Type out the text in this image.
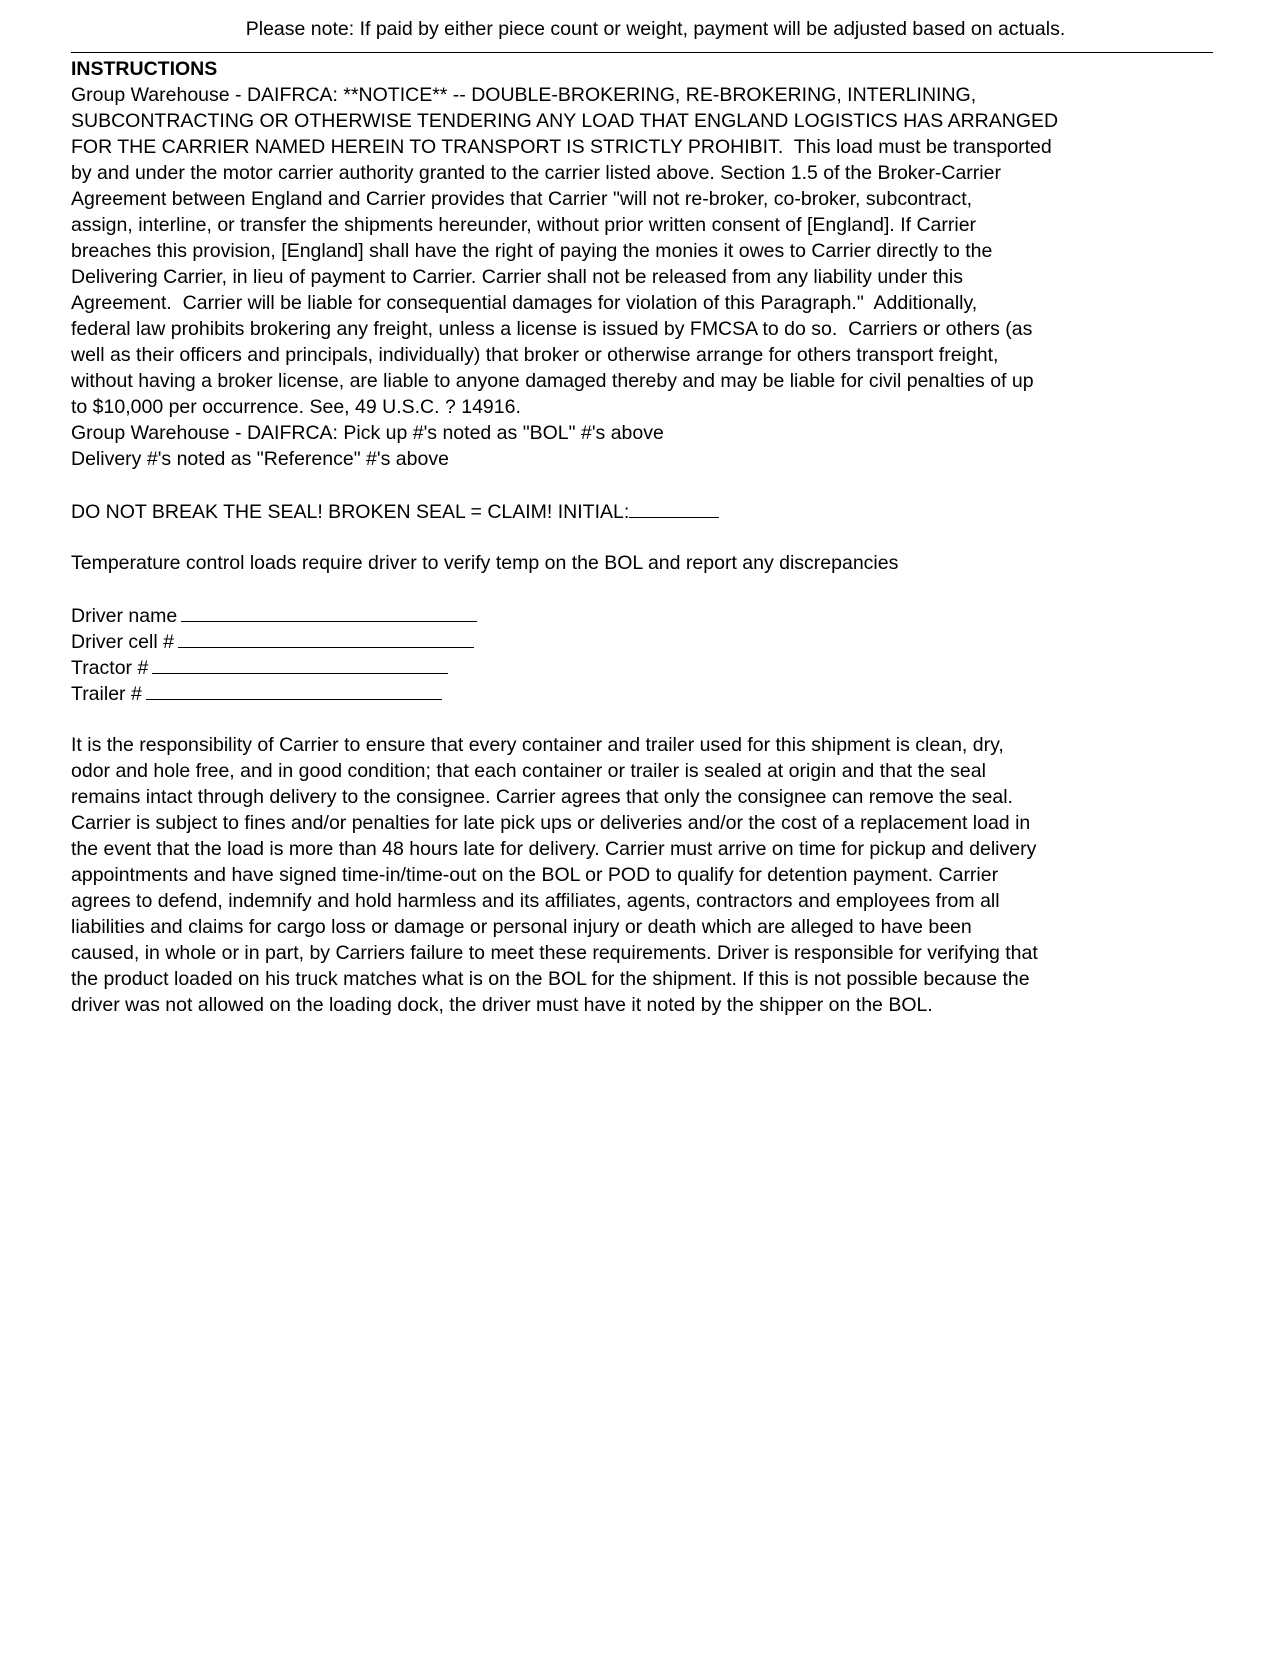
Please note: If paid by either piece count or weight, payment will be adjusted based on actuals.
INSTRUCTIONS
Group Warehouse - DAIFRCA: **NOTICE** -- DOUBLE-BROKERING, RE-BROKERING, INTERLINING,
SUBCONTRACTING OR OTHERWISE TENDERING ANY LOAD THAT ENGLAND LOGISTICS HAS ARRANGED
FOR THE CARRIER NAMED HEREIN TO TRANSPORT IS STRICTLY PROHIBIT.  This load must be transported
by and under the motor carrier authority granted to the carrier listed above. Section 1.5 of the Broker-Carrier
Agreement between England and Carrier provides that Carrier "will not re-broker, co-broker, subcontract,
assign, interline, or transfer the shipments hereunder, without prior written consent of [England]. If Carrier
breaches this provision, [England] shall have the right of paying the monies it owes to Carrier directly to the
Delivering Carrier, in lieu of payment to Carrier. Carrier shall not be released from any liability under this
Agreement.  Carrier will be liable for consequential damages for violation of this Paragraph."  Additionally,
federal law prohibits brokering any freight, unless a license is issued by FMCSA to do so.  Carriers or others (as
well as their officers and principals, individually) that broker or otherwise arrange for others transport freight,
without having a broker license, are liable to anyone damaged thereby and may be liable for civil penalties of up
to $10,000 per occurrence. See, 49 U.S.C. ? 14916.
Group Warehouse - DAIFRCA: Pick up #'s noted as "BOL" #'s above
Delivery #'s noted as "Reference" #'s above
DO NOT BREAK THE SEAL! BROKEN SEAL = CLAIM! INITIAL:
Temperature control loads require driver to verify temp on the BOL and report any discrepancies
Driver name
Driver cell #
Tractor #
Trailer #
It is the responsibility of Carrier to ensure that every container and trailer used for this shipment is clean, dry,
odor and hole free, and in good condition; that each container or trailer is sealed at origin and that the seal
remains intact through delivery to the consignee. Carrier agrees that only the consignee can remove the seal.
Carrier is subject to fines and/or penalties for late pick ups or deliveries and/or the cost of a replacement load in
the event that the load is more than 48 hours late for delivery. Carrier must arrive on time for pickup and delivery
appointments and have signed time-in/time-out on the BOL or POD to qualify for detention payment. Carrier
agrees to defend, indemnify and hold harmless and its affiliates, agents, contractors and employees from all
liabilities and claims for cargo loss or damage or personal injury or death which are alleged to have been
caused, in whole or in part, by Carriers failure to meet these requirements. Driver is responsible for verifying that
the product loaded on his truck matches what is on the BOL for the shipment. If this is not possible because the
driver was not allowed on the loading dock, the driver must have it noted by the shipper on the BOL.
